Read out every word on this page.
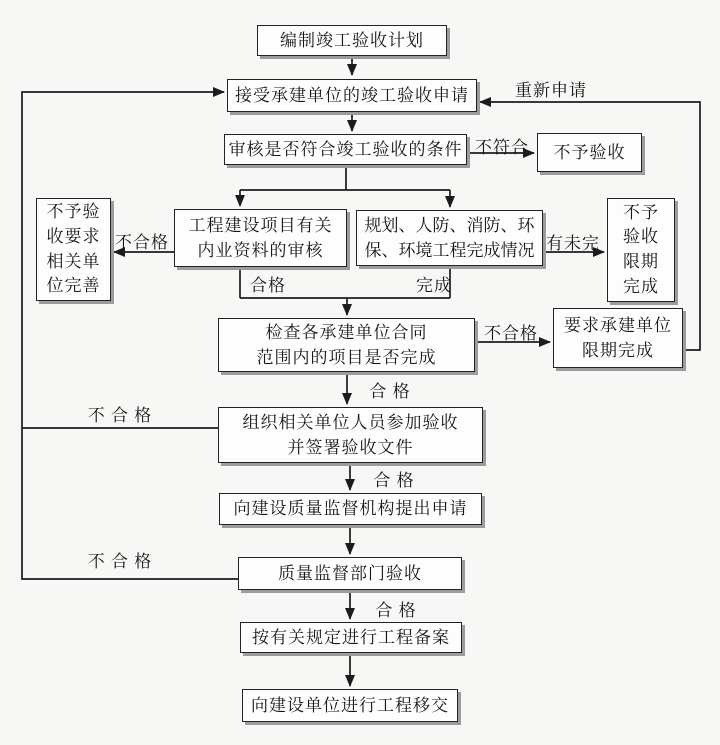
编制竣工验收计划
接受承建单位的竣工验收申请
审核是否符合竣工验收的条件	不予验收
不予验
收要求
相关单
位完善
工程建设项目有关
内业资料的审核
规划、人防、消防、环
保、环境工程完成情况
不予
验收
限期
完成
检查各承建单位合同
范围内的项目是否完成
要求承建单位
限期完成
组织相关单位人员参加验收
并签署验收文件
向建设质量监督机构提出申请
质量监督部门验收
按有关规定进行工程备案
向建设单位进行工程移交
重新申请
不符合
不合格	有未完
合格	完成
不合格
合 格
不 合 格
合 格
不 合 格
合 格
